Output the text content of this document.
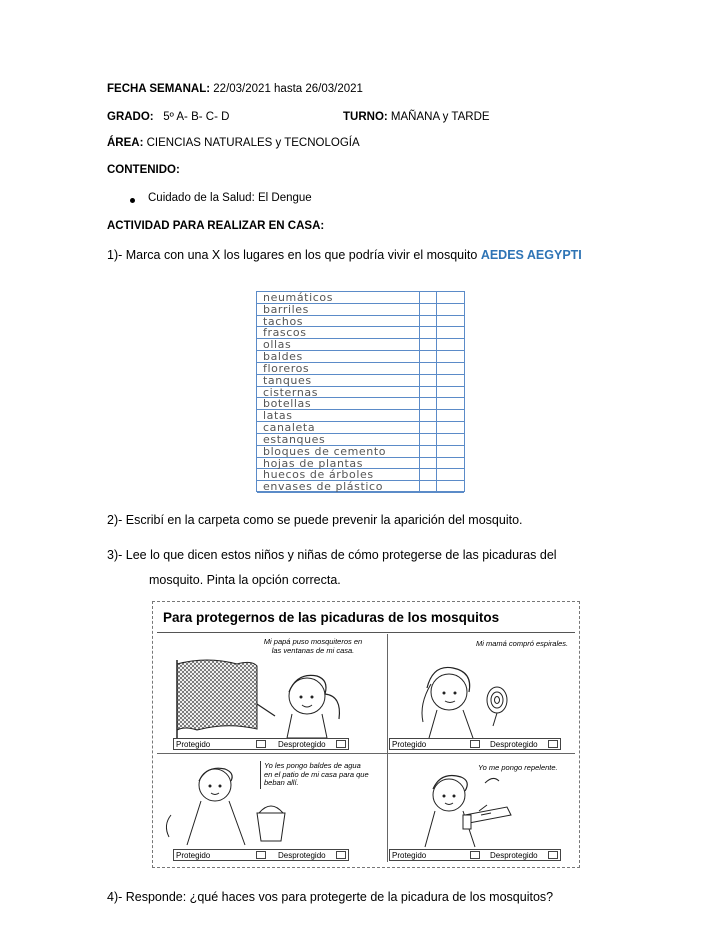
FECHA SEMANAL: 22/03/2021 hasta 26/03/2021
GRADO: 5º A- B- C- D	TURNO: MAÑANA y TARDE
ÁREA: CIENCIAS NATURALES y TECNOLOGÍA
CONTENIDO:
Cuidado de la Salud: El Dengue
ACTIVIDAD PARA REALIZAR EN CASA:
1)- Marca con una X los lugares en los que podría vivir el mosquito AEDES AEGYPTI
neumáticos
barriles
tachos
frascos
ollas
baldes
floreros
tanques
cisternas
botellas
latas
canaleta
estanques
bloques de cemento
hojas de plantas
huecos de árboles
envases de plástico
2)- Escribí en la carpeta como se puede prevenir la aparición del mosquito.
3)- Lee lo que dicen estos niños y niñas de cómo protegerse de las picaduras del
mosquito. Pinta la opción correcta.
Para protegernos de las picaduras de los mosquitos
Mi papá puso mosquiteros en las ventanas de mi casa.
Protegido	Desprotegido
Mi mamá compró espirales.
Protegido	Desprotegido
Yo les pongo baldes de agua en el patio de mi casa para que beban allí.
Protegido	Desprotegido
Yo me pongo repelente.
Protegido	Desprotegido
4)- Responde: ¿qué haces vos para protegerte de la picadura de los mosquitos?
